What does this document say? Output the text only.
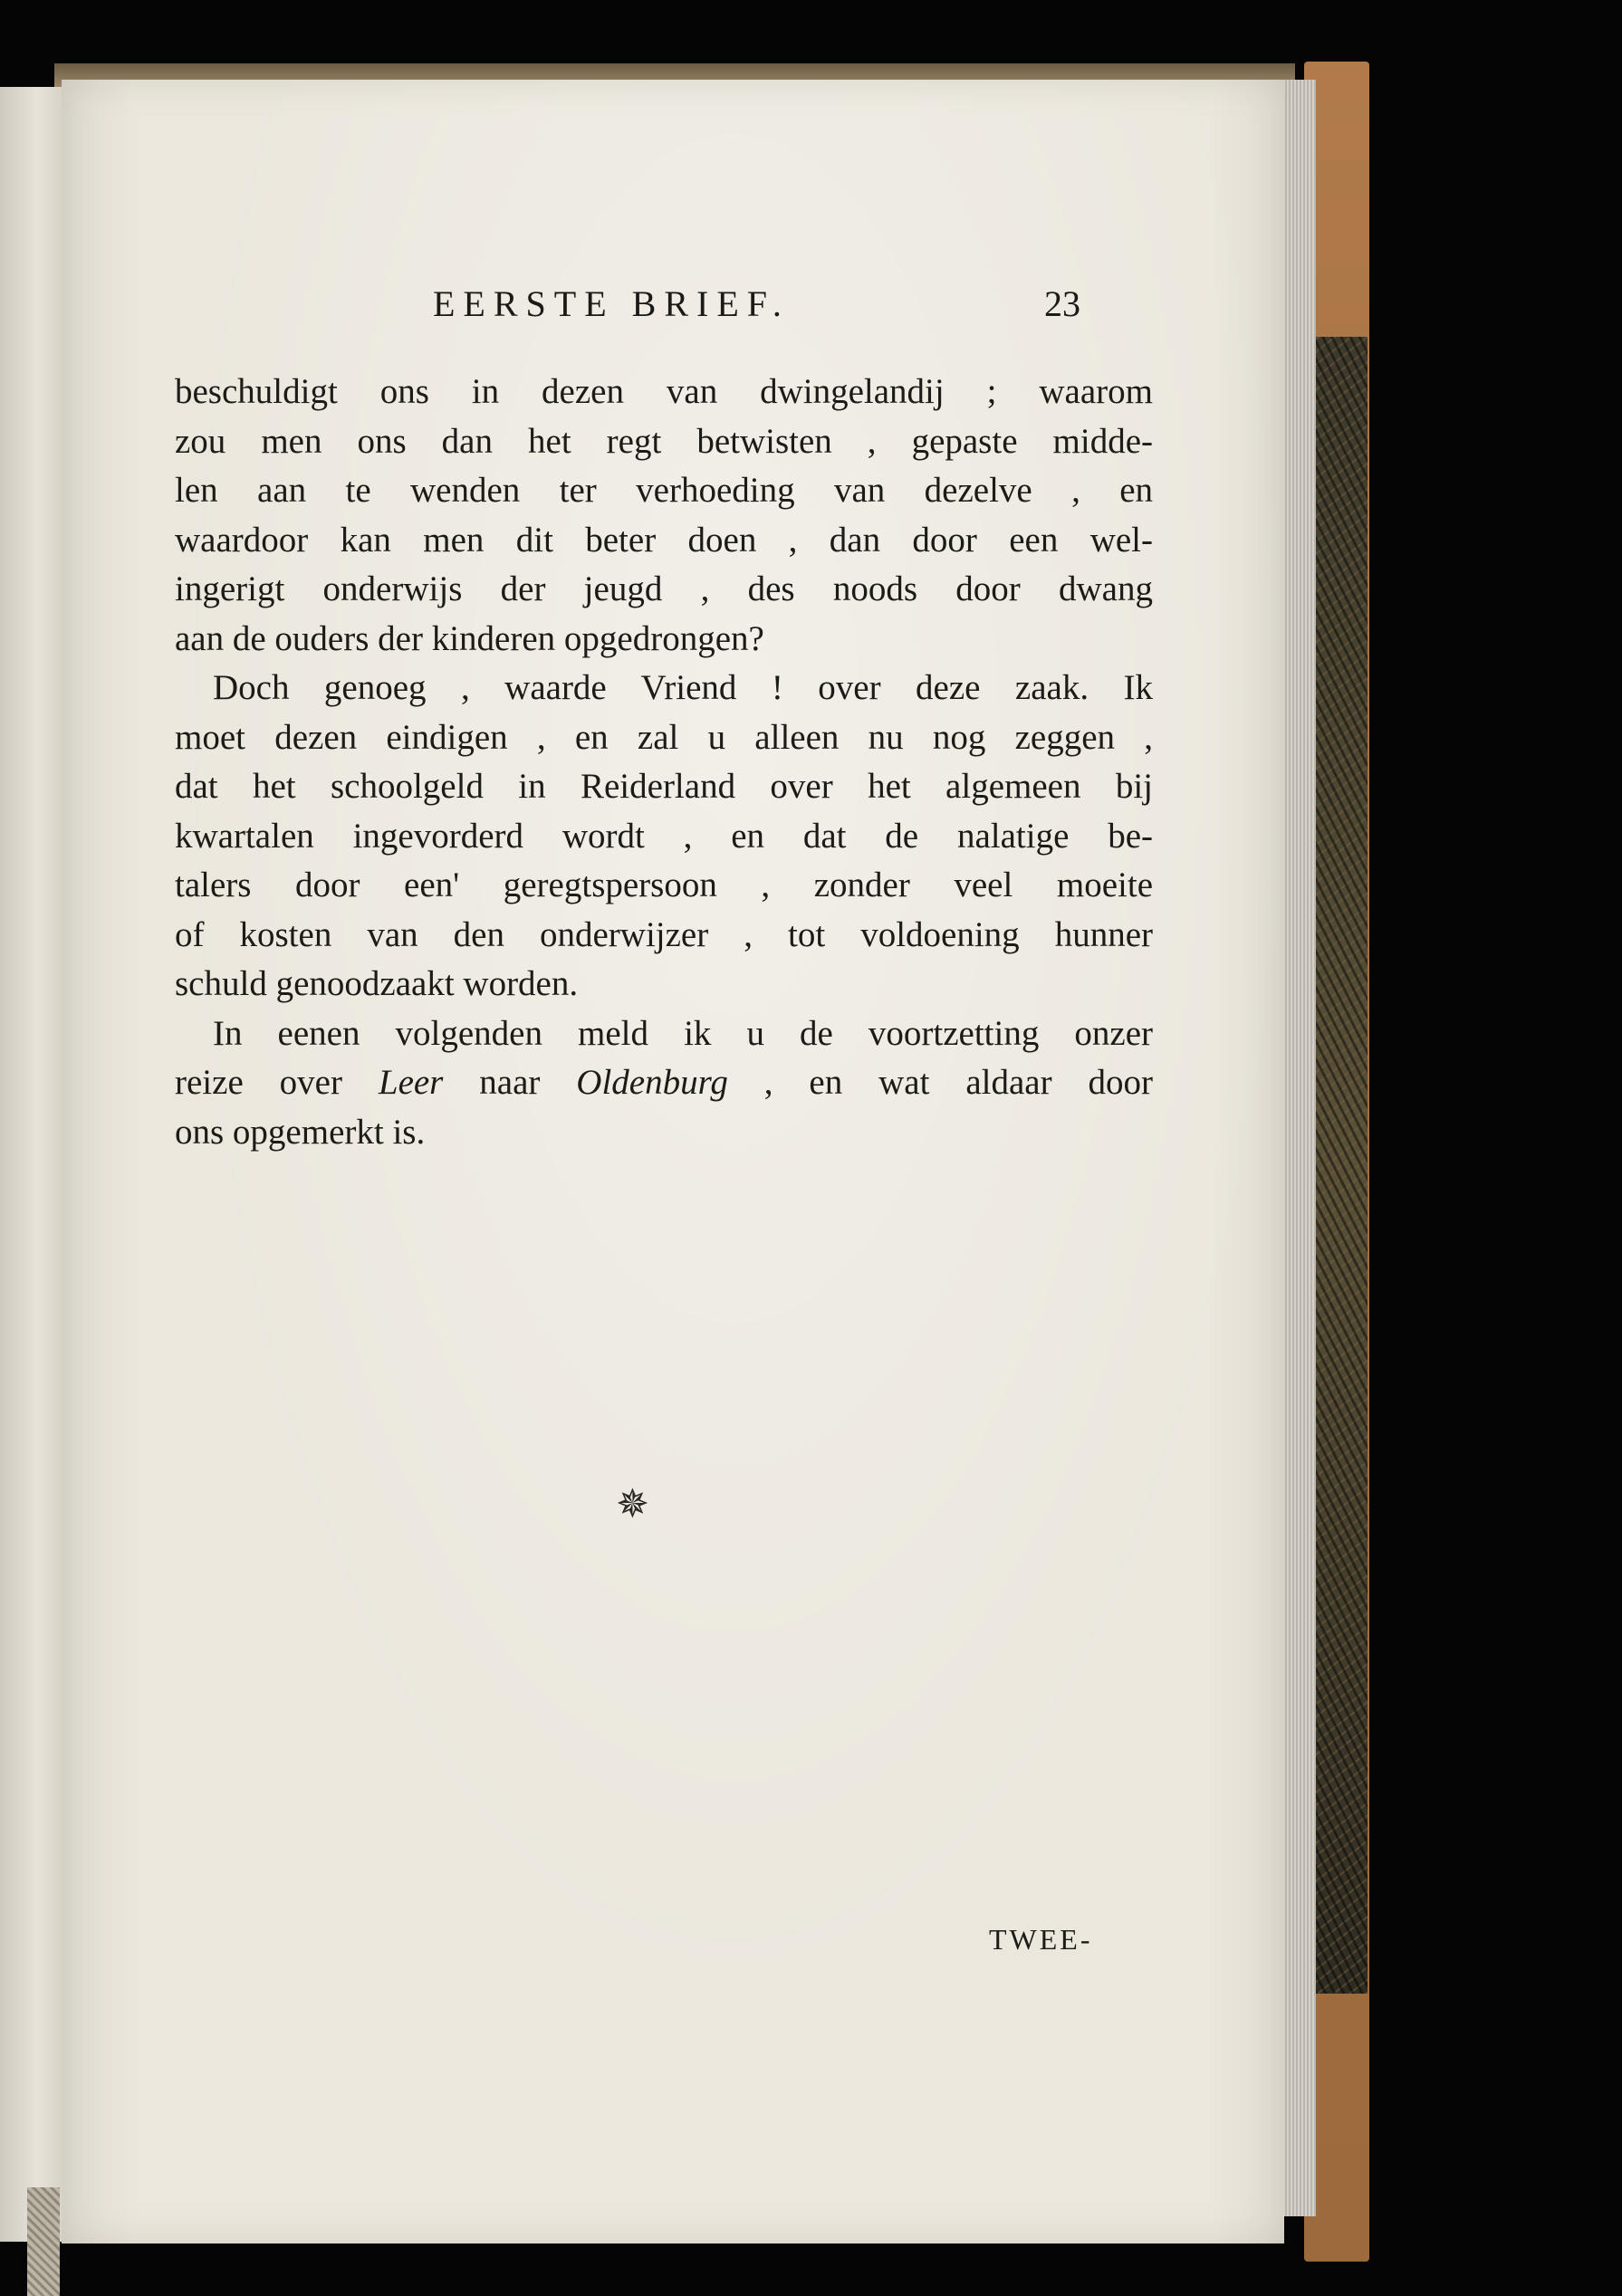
EERSTE BRIEF.	23
beschuldigt ons in dezen van dwingelandij ; waarom
zou men ons dan het regt betwisten , gepaste midde-
len aan te wenden ter verhoeding van dezelve , en
waardoor kan men dit beter doen , dan door een wel-
ingerigt onderwijs der jeugd , des noods door dwang
aan de ouders der kinderen opgedrongen?
Doch genoeg , waarde Vriend ! over deze zaak. Ik
moet dezen eindigen , en zal u alleen nu nog zeggen ,
dat het schoolgeld in Reiderland over het algemeen bij
kwartalen ingevorderd wordt , en dat de nalatige be-
talers door een' geregtspersoon , zonder veel moeite
of kosten van den onderwijzer , tot voldoening hunner
schuld genoodzaakt worden.
In eenen volgenden meld ik u de voortzetting onzer
reize over Leer naar Oldenburg , en wat aldaar door
ons opgemerkt is.
✵
TWEE-
